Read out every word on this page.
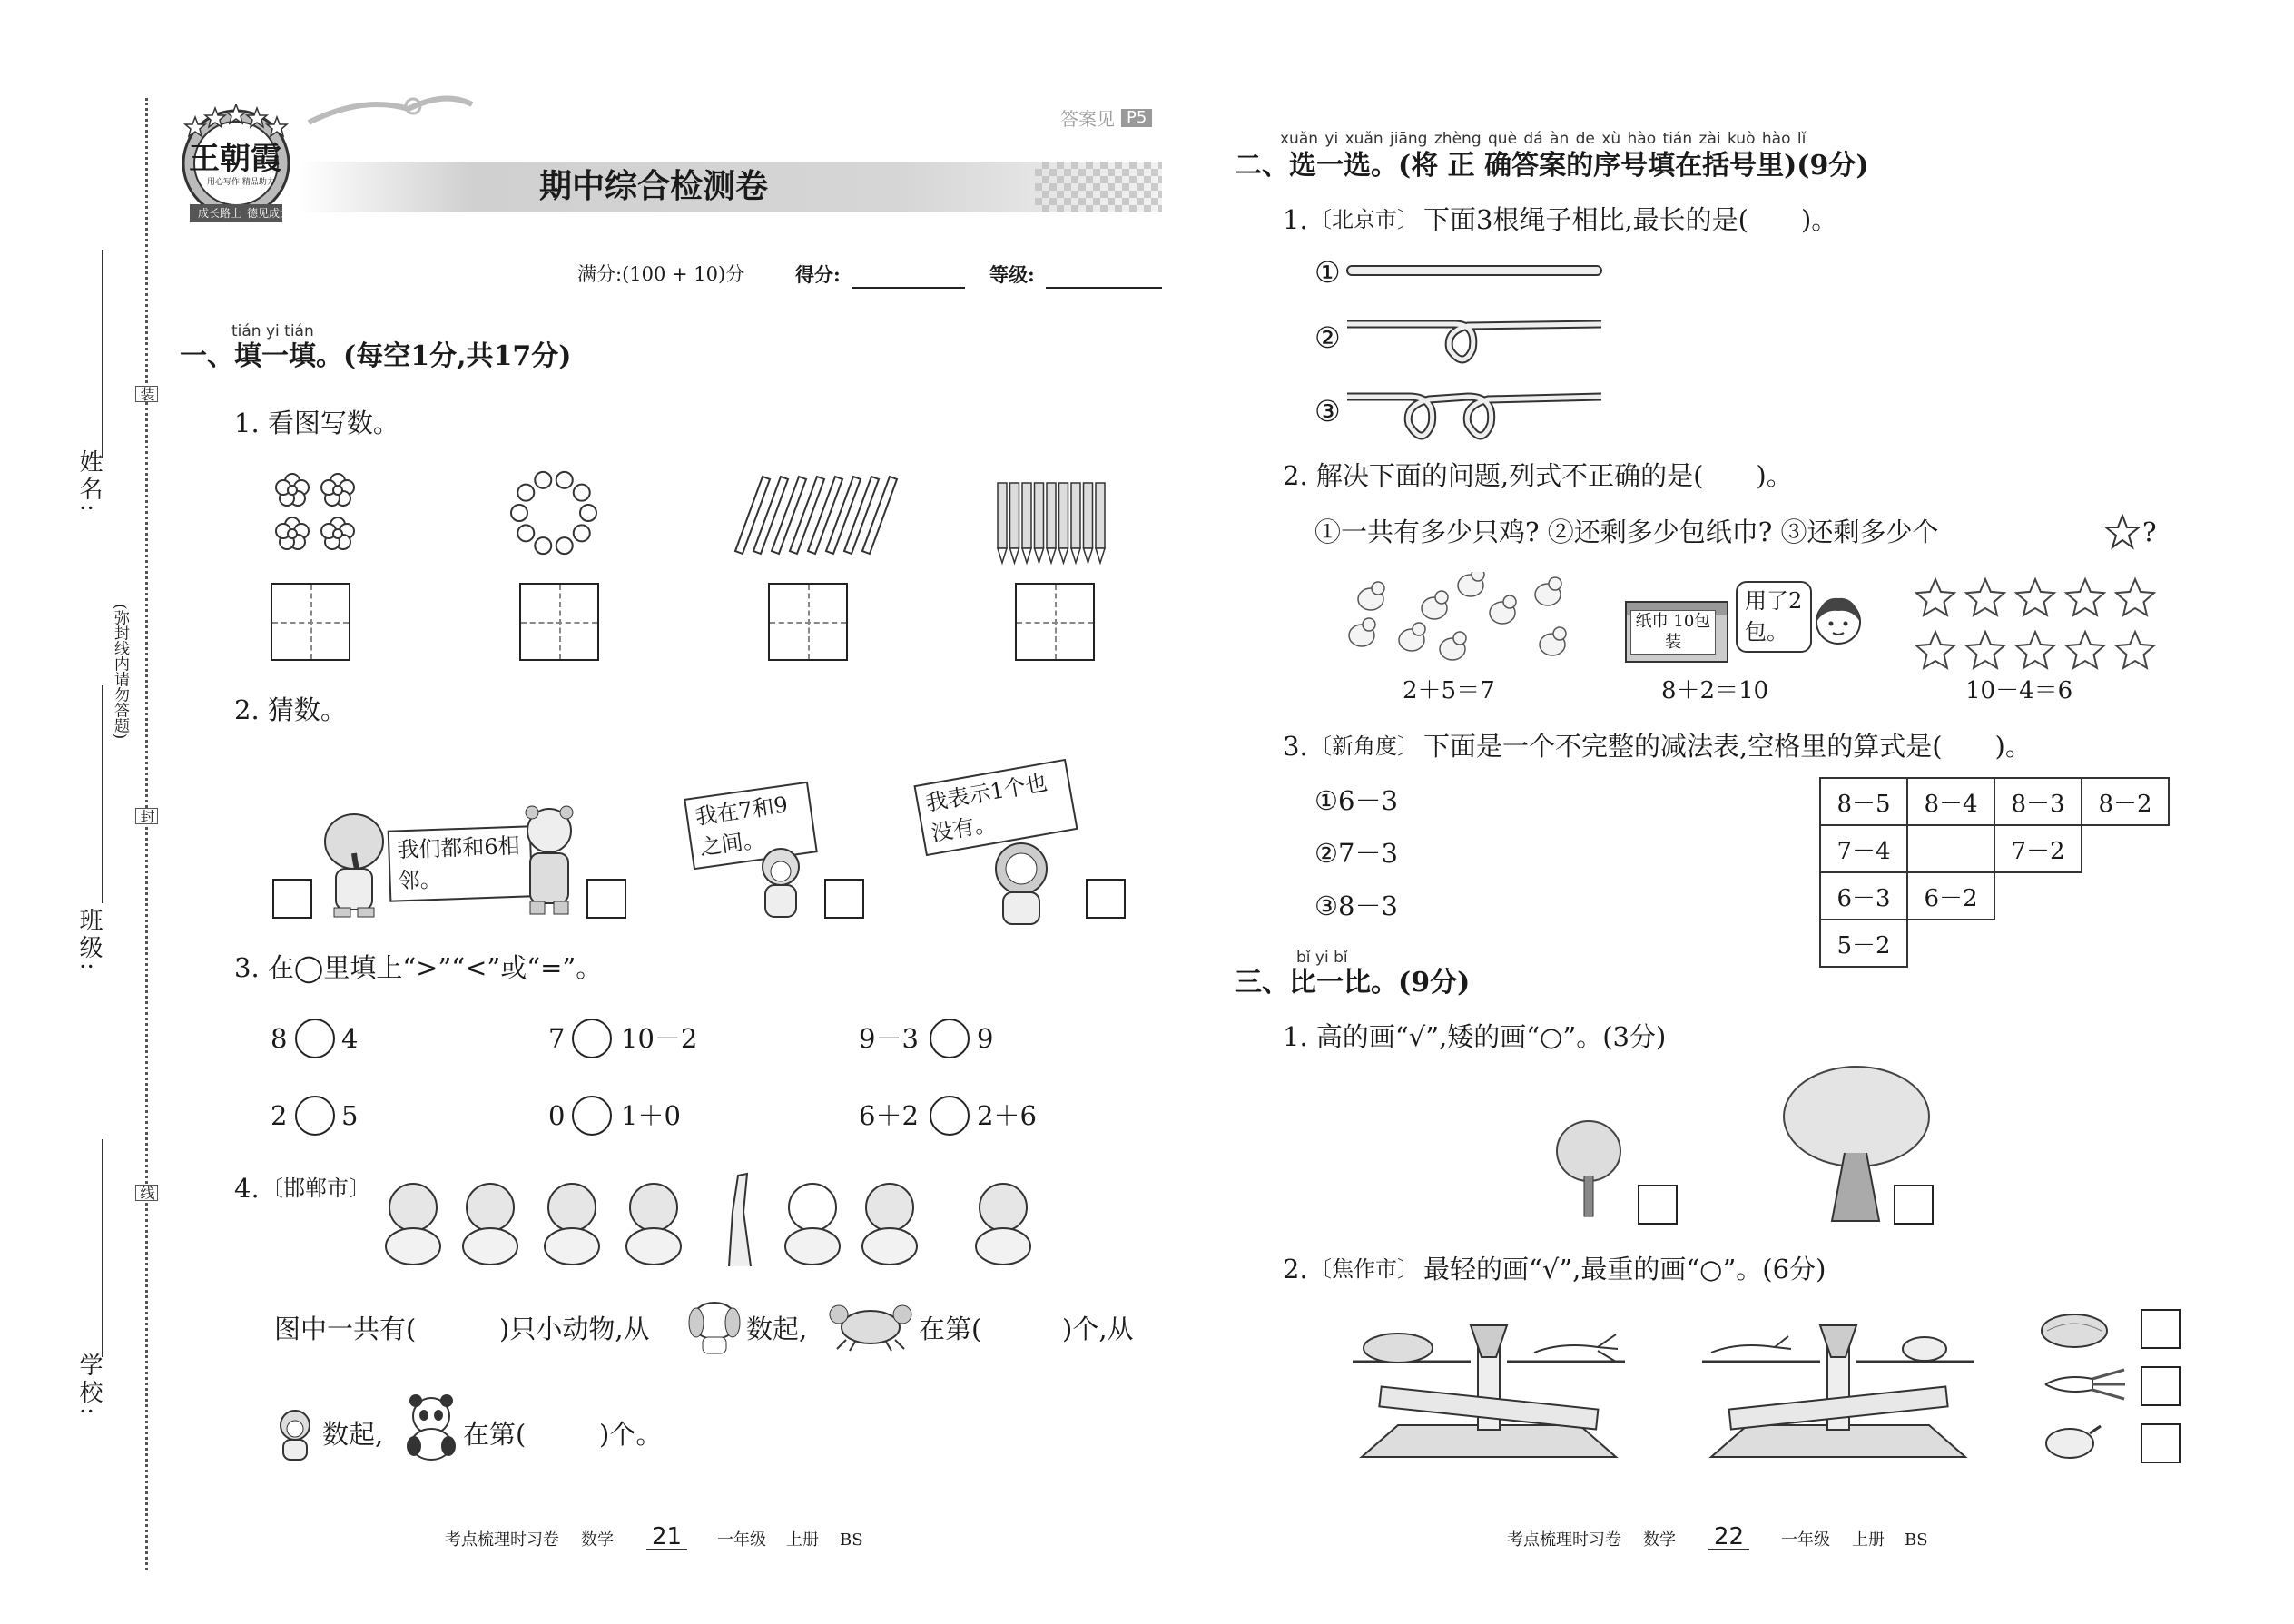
姓名:
班级:
学校:
(弥封线内请勿答题)
装
封
线
王朝霞
用心写作 精品助力
成长路上 德见成大
答案见 P5
期中综合检测卷
满分:(100 + 10)分	得分:	等级:
tián yi tián
一、填一填。(每空1分,共17分)
1. 看图写数。
2. 猜数。
我们都和6相邻。
我在7和9之间。
我表示1个也没有。
3. 在◯里填上“>”“<”或“=”。
8 4	7 10－2	9－3 9
2 5	0 1＋0	6＋2 2＋6
4. 〔邯郸市〕
图中一共有(	)只小动物,从	数起,	在第(	)个,从
数起,	在第(	)个。
考点梳理时习卷 数学 21	一年级 上册 BS
xuǎn yi xuǎn jiāng zhèng què dá àn de xù hào tián zài kuò hào lǐ
二、选一选。(将 正 确答案的序号填在括号里)(9分)
1. 〔北京市〕 下面3根绳子相比,最长的是(　　)。
①
②
③
2. 解决下面的问题,列式不正确的是(　　)。
①一共有多少只鸡? ②还剩多少包纸巾? ③还剩多少个	?
纸巾 10包装
用了2包。
2＋5＝7	8＋2＝10	10－4＝6
3. 〔新角度〕 下面是一个不完整的减法表,空格里的算式是(　　)。
①6－3
②7－3
③8－3
8－5	8－4	8－3	8－2
7－4		7－2	
6－3	6－2		
5－2			
bǐ yi bǐ
三、比一比。(9分)
1. 高的画“√”,矮的画“○”。(3分)
2. 〔焦作市〕 最轻的画“√”,最重的画“○”。(6分)
考点梳理时习卷 数学 22	一年级 上册 BS
